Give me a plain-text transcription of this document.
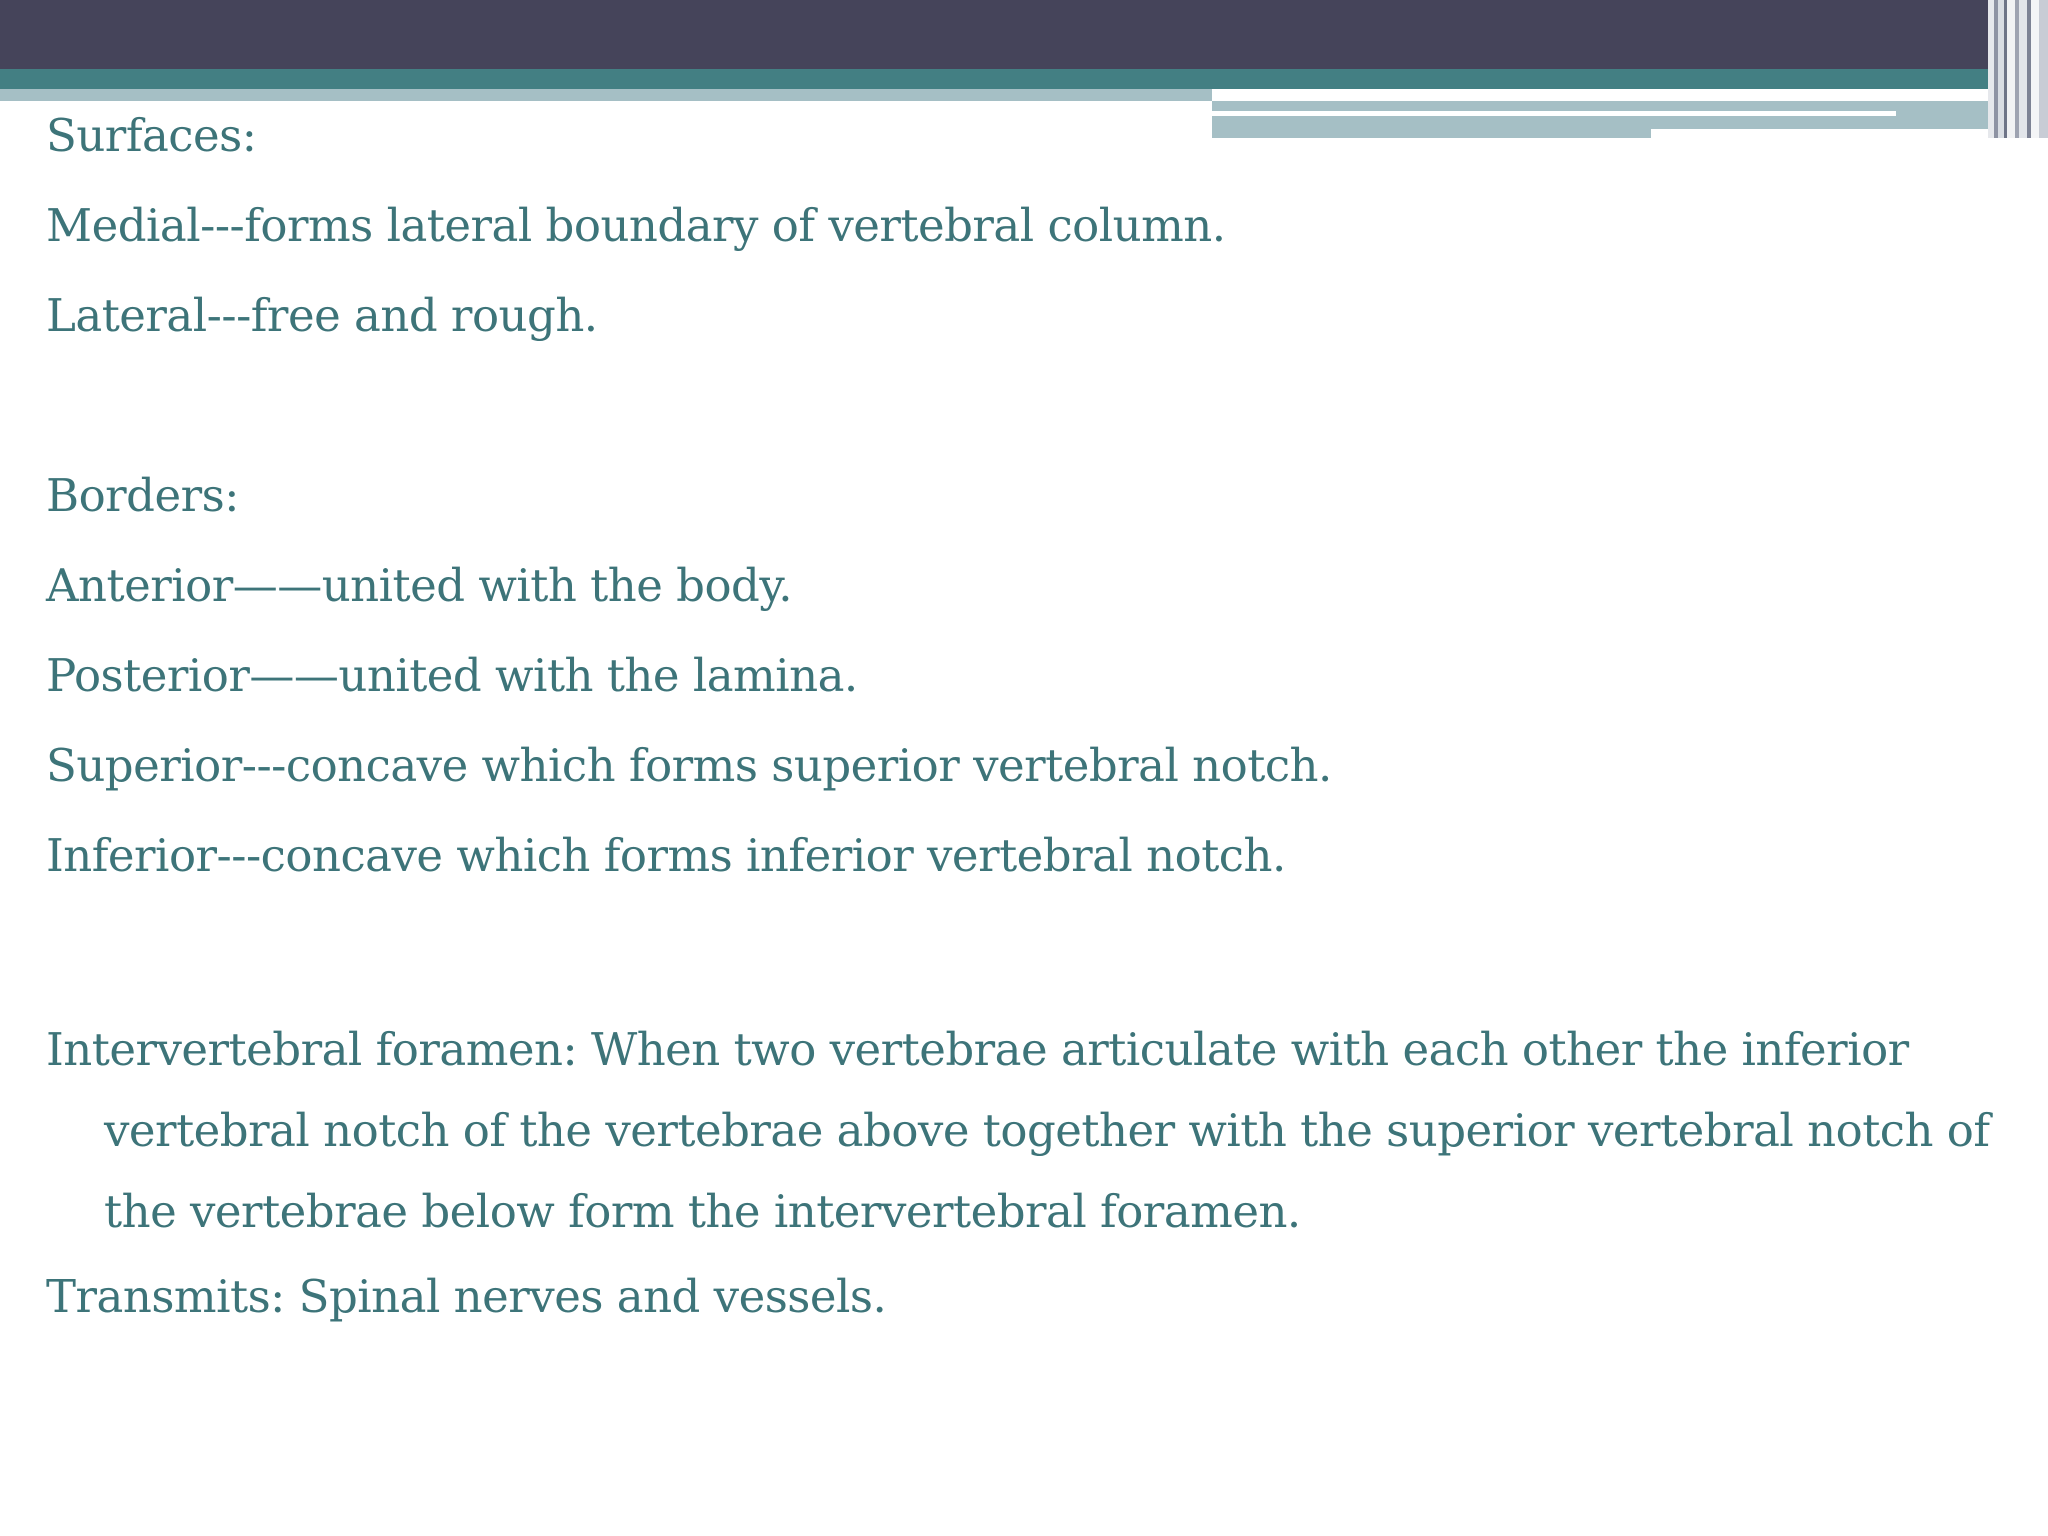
Surfaces:

Medial---forms lateral boundary of vertebral column.

Lateral---free and rough.

Borders:

Anterior——united with the body.

Posterior——united with the lamina.

Superior---concave which forms superior vertebral notch.

Inferior---concave which forms inferior vertebral notch.

Intervertebral foramen: When two vertebrae articulate with each other the inferior vertebral notch of the vertebrae above together with the superior vertebral notch of the vertebrae below form the intervertebral foramen.

Transmits: Spinal nerves and vessels.
